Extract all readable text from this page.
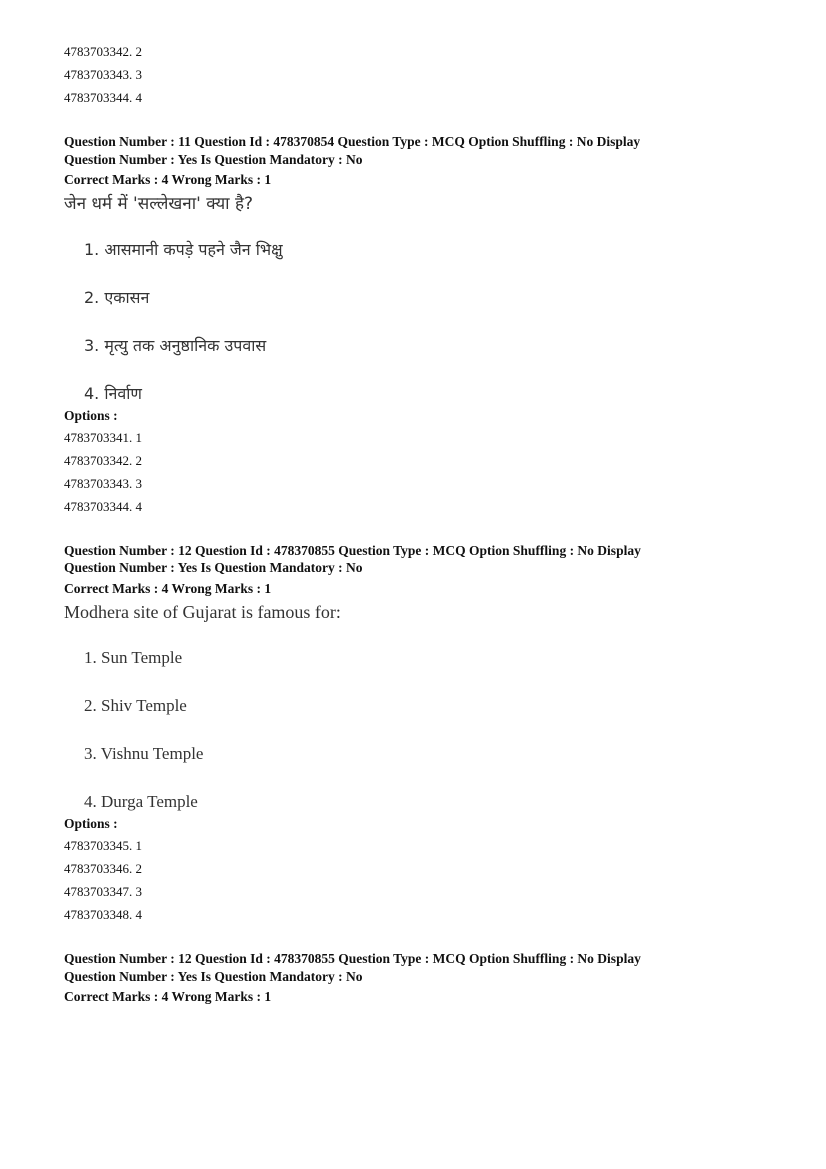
4783703342. 2
4783703343. 3
4783703344. 4
Question Number : 11 Question Id : 478370854 Question Type : MCQ Option Shuffling : No Display
Question Number : Yes Is Question Mandatory : No
Correct Marks : 4 Wrong Marks : 1
जेन धर्म में 'सल्लेखना' क्या है?
1. आसमानी कपड़े पहने जैन भिक्षु
2. एकासन
3. मृत्यु तक अनुष्ठानिक उपवास
4. निर्वाण
Options :
4783703341. 1
4783703342. 2
4783703343. 3
4783703344. 4
Question Number : 12 Question Id : 478370855 Question Type : MCQ Option Shuffling : No Display
Question Number : Yes Is Question Mandatory : No
Correct Marks : 4 Wrong Marks : 1
Modhera site of Gujarat is famous for:
1. Sun Temple
2. Shiv Temple
3. Vishnu Temple
4. Durga Temple
Options :
4783703345. 1
4783703346. 2
4783703347. 3
4783703348. 4
Question Number : 12 Question Id : 478370855 Question Type : MCQ Option Shuffling : No Display
Question Number : Yes Is Question Mandatory : No
Correct Marks : 4 Wrong Marks : 1
